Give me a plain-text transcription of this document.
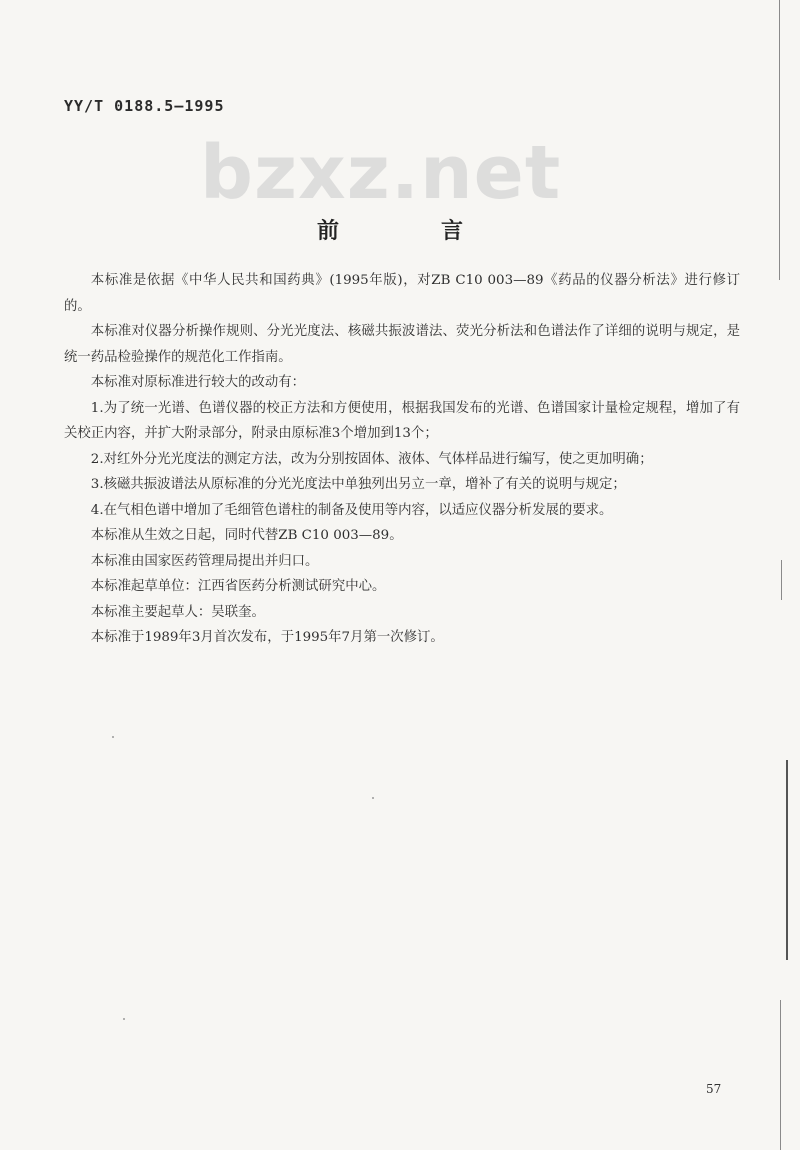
YY/T 0188.5—1995
bzxz.net
前　言

本标准是依据《中华人民共和国药典》(1995年版)，对ZB C10 003—89《药品的仪器分析法》进行修订的。

本标准对仪器分析操作规则、分光光度法、核磁共振波谱法、荧光分析法和色谱法作了详细的说明与规定，是统一药品检验操作的规范化工作指南。

本标准对原标准进行较大的改动有：

1.为了统一光谱、色谱仪器的校正方法和方便使用，根据我国发布的光谱、色谱国家计量检定规程，增加了有关校正内容，并扩大附录部分，附录由原标准3个增加到13个；

2.对红外分光光度法的测定方法，改为分别按固体、液体、气体样品进行编写，使之更加明确；

3.核磁共振波谱法从原标准的分光光度法中单独列出另立一章，增补了有关的说明与规定；

4.在气相色谱中增加了毛细管色谱柱的制备及使用等内容，以适应仪器分析发展的要求。

本标准从生效之日起，同时代替ZB C10 003—89。

本标准由国家医药管理局提出并归口。

本标准起草单位：江西省医药分析测试研究中心。

本标准主要起草人：吴联奎。

本标准于1989年3月首次发布，于1995年7月第一次修订。

57
